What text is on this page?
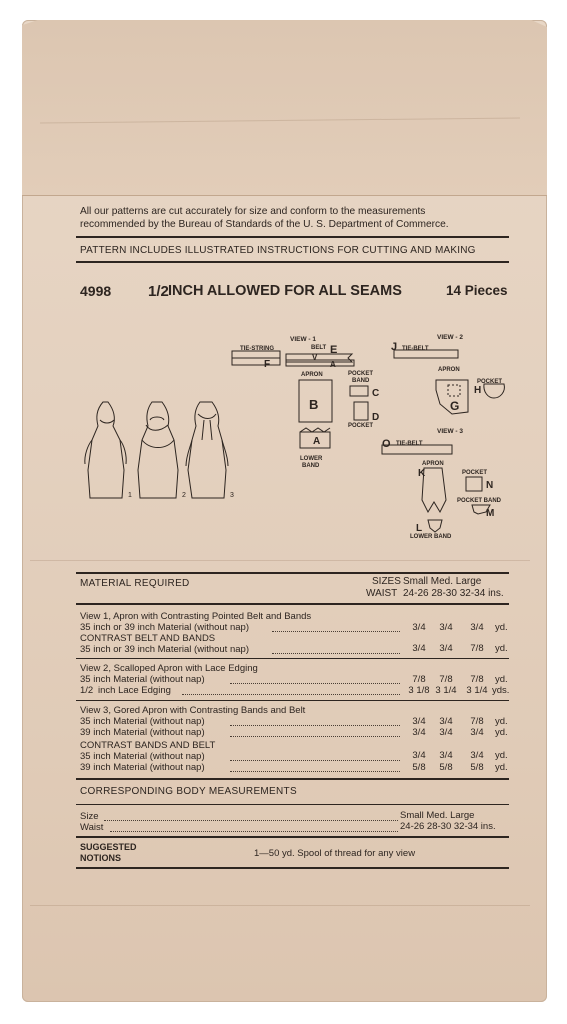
All our patterns are cut accurately for size and conform to the measurements
recommended by the Bureau of Standards of the U. S. Department of Commerce.
PATTERN INCLUDES ILLUSTRATED INSTRUCTIONS FOR CUTTING AND MAKING
4998 1/2 INCH ALLOWED FOR ALL SEAMS	14 Pieces
VIEW - 1
TIE-STRING	BELT E
F
V
A
APRON
B
A
LOWER
BAND
POCKET
BAND
C
D
POCKET
VIEW - 2
J TIE-BELT
APRON
G
POCKET
H
VIEW - 3
O TIE-BELT
APRON
K	POCKET
N
POCKET BAND
M
L
LOWER BAND
1	2	3
MATERIAL REQUIRED	SIZES Small Med. Large
WAIST 24-26 28-30 32-34 ins.
View 1, Apron with Contrasting Pointed Belt and Bands
35 inch or 39 inch Material (without nap)	3/4	3/4	3/4	yd.
CONTRAST BELT AND BANDS
35 inch or 39 inch Material (without nap)	3/4	3/4	7/8	yd.
View 2, Scalloped Apron with Lace Edging
35 inch Material (without nap)	7/8	7/8	7/8	yd.
1/2 inch Lace Edging	3 1/8 3 1/4	3 1/4 yds.
View 3, Gored Apron with Contrasting Bands and Belt
35 inch Material (without nap)	3/4	3/4	7/8	yd.
39 inch Material (without nap)	3/4	3/4	3/4	yd.
CONTRAST BANDS AND BELT
35 inch Material (without nap)	3/4	3/4	3/4	yd.
39 inch Material (without nap)	5/8	5/8	5/8	yd.
CORRESPONDING BODY MEASUREMENTS
Size	Small Med. Large
Waist	24-26 28-30 32-34 ins.
SUGGESTED
NOTIONS	1—50 yd. Spool of thread for any view
